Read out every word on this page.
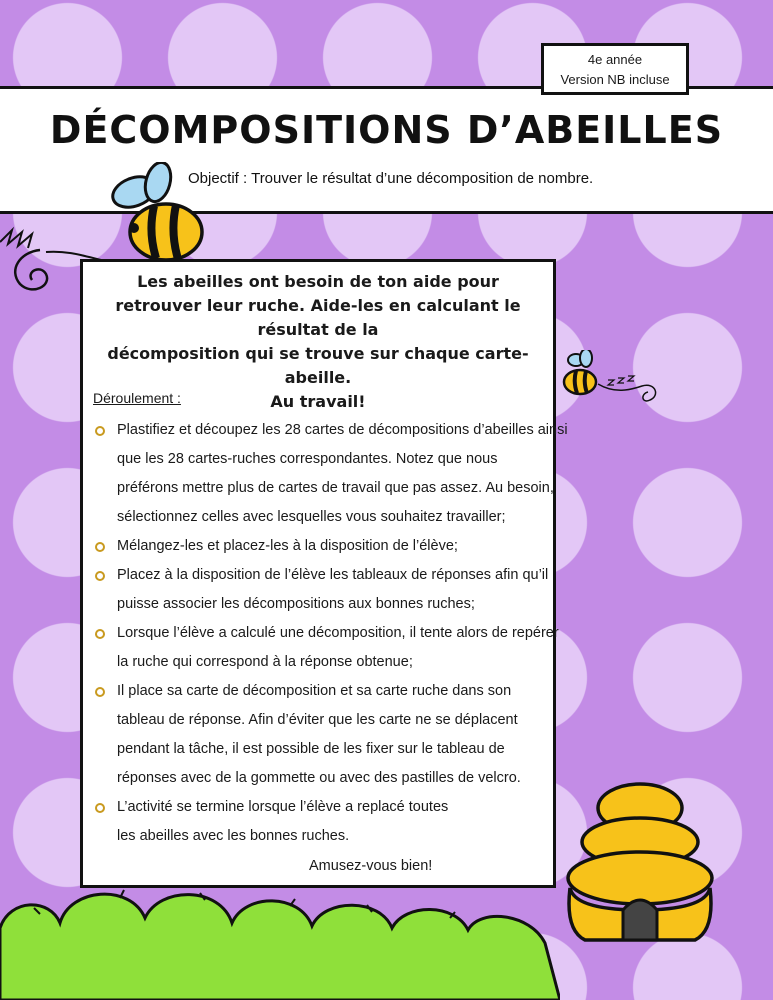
4e année
Version NB incluse
DÉCOMPOSITIONS D’ABEILLES
Objectif : Trouver le résultat d’une décomposition de nombre.
Les abeilles ont besoin de ton aide pour
retrouver leur ruche. Aide-les en calculant le résultat de la
décomposition qui se trouve sur chaque carte-abeille.
Au travail!
Déroulement :
Plastifiez et découpez les 28 cartes de décompositions d’abeilles ainsi
que les 28 cartes-ruches correspondantes. Notez que nous
préférons mettre plus de cartes de travail que pas assez. Au besoin,
sélectionnez celles avec lesquelles vous souhaitez travailler;
Mélangez-les et placez-les à la disposition de l’élève;
Placez à la disposition de l’élève les tableaux de réponses afin qu’il
puisse associer les décompositions aux bonnes ruches;
Lorsque l’élève a calculé une décomposition, il tente alors de repérer
la ruche qui correspond à la réponse obtenue;
Il place sa carte de décomposition et sa carte ruche dans son
tableau de réponse. Afin d’éviter que les carte ne se déplacent
pendant la tâche, il est possible de les fixer sur le tableau de
réponses avec de la gommette ou avec des pastilles de velcro.
L’activité se termine lorsque l’élève a replacé toutes
les abeilles avec les bonnes ruches.
Amusez-vous bien!
